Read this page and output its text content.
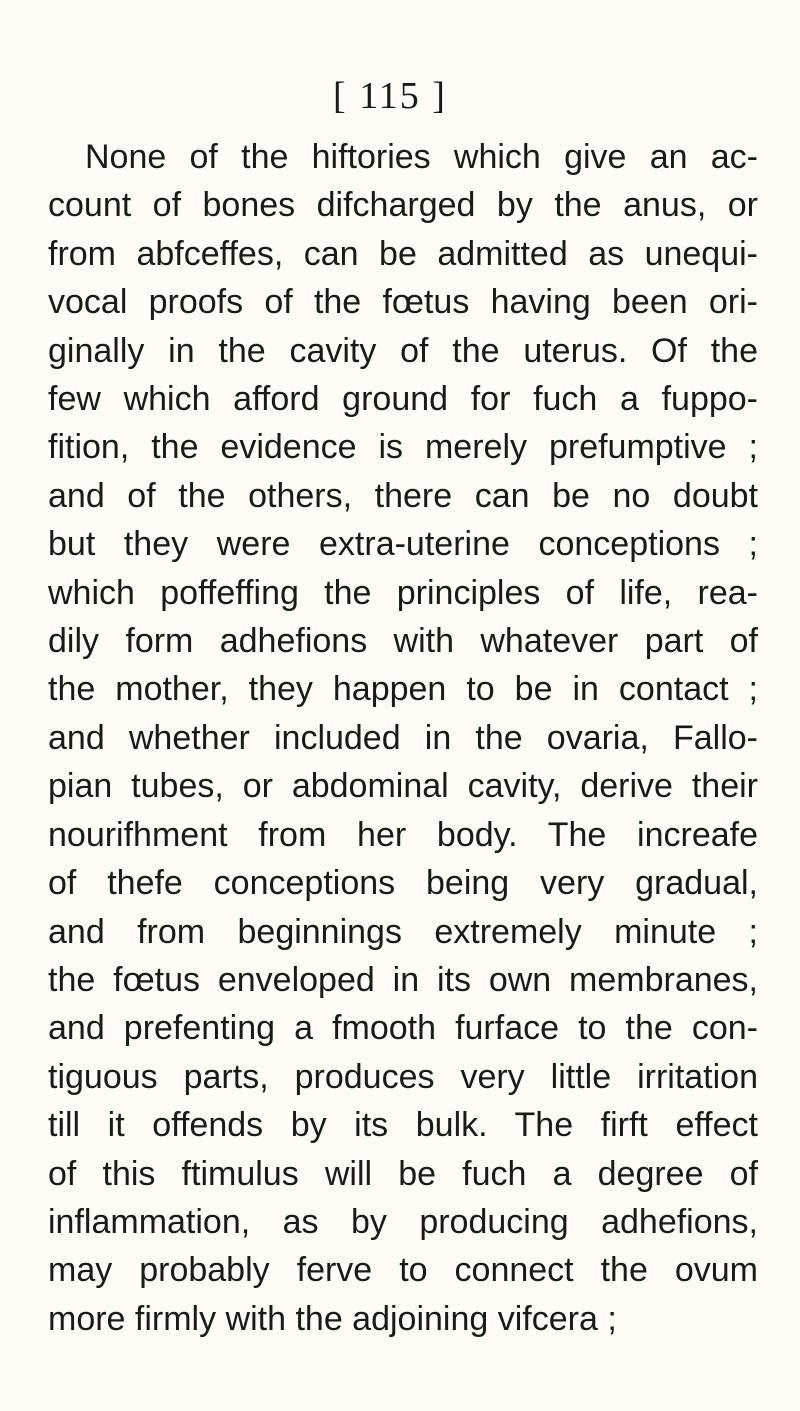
[ 115 ]
None of the hiftories which give an ac-
count of bones difcharged by the anus, or
from abfceffes, can be admitted as unequi-
vocal proofs of the fœtus having been ori-
ginally in the cavity of the uterus. Of the
few which afford ground for fuch a fuppo-
fition, the evidence is merely prefumptive ;
and of the others, there can be no doubt
but they were extra-uterine conceptions ;
which poffeffing the principles of life, rea-
dily form adhefions with whatever part of
the mother, they happen to be in contact ;
and whether included in the ovaria, Fallo-
pian tubes, or abdominal cavity, derive their
nourifhment from her body. The increafe
of thefe conceptions being very gradual,
and from beginnings extremely minute ;
the fœtus enveloped in its own membranes,
and prefenting a fmooth furface to the con-
tiguous parts, produces very little irritation
till it offends by its bulk. The firft effect
of this ftimulus will be fuch a degree of
inflammation, as by producing adhefions,
may probably ferve to connect the ovum
more firmly with the adjoining vifcera ;
